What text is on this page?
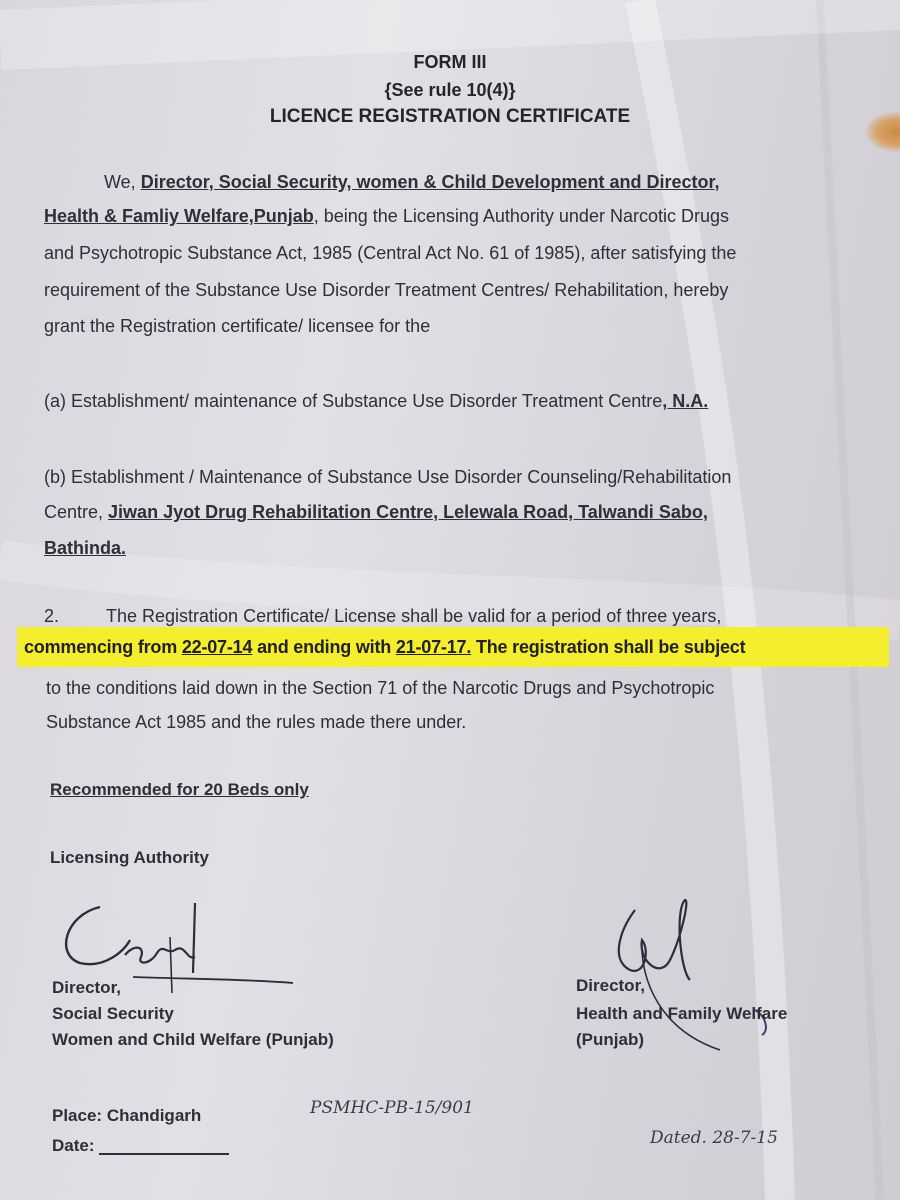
FORM III
{See rule 10(4)}
LICENCE REGISTRATION CERTIFICATE
We, Director, Social Security, women & Child Development and Director,
Health & Famliy Welfare,Punjab, being the Licensing Authority under Narcotic Drugs
and Psychotropic Substance Act, 1985 (Central Act No. 61 of 1985), after satisfying the
requirement of the Substance Use Disorder Treatment Centres/ Rehabilitation, hereby
grant the Registration certificate/ licensee for the
(a) Establishment/ maintenance of Substance Use Disorder Treatment Centre, N.A.
(b) Establishment / Maintenance of Substance Use Disorder Counseling/Rehabilitation
Centre, Jiwan Jyot Drug Rehabilitation Centre, Lelewala Road, Talwandi Sabo,
Bathinda.
2.	The Registration Certificate/ License shall be valid for a period of three years,
commencing from 22-07-14 and ending with 21-07-17. The registration shall be subject
to the conditions laid down in the Section 71 of the Narcotic Drugs and Psychotropic
Substance Act 1985 and the rules made there under.
Recommended for 20 Beds only
Licensing Authority
Director,
Social Security
Women and Child Welfare (Punjab)
Director,
Health and Family Welfare
(Punjab)
Place: Chandigarh
Date:
PSMHC-PB-15/901
Dated. 28-7-15
